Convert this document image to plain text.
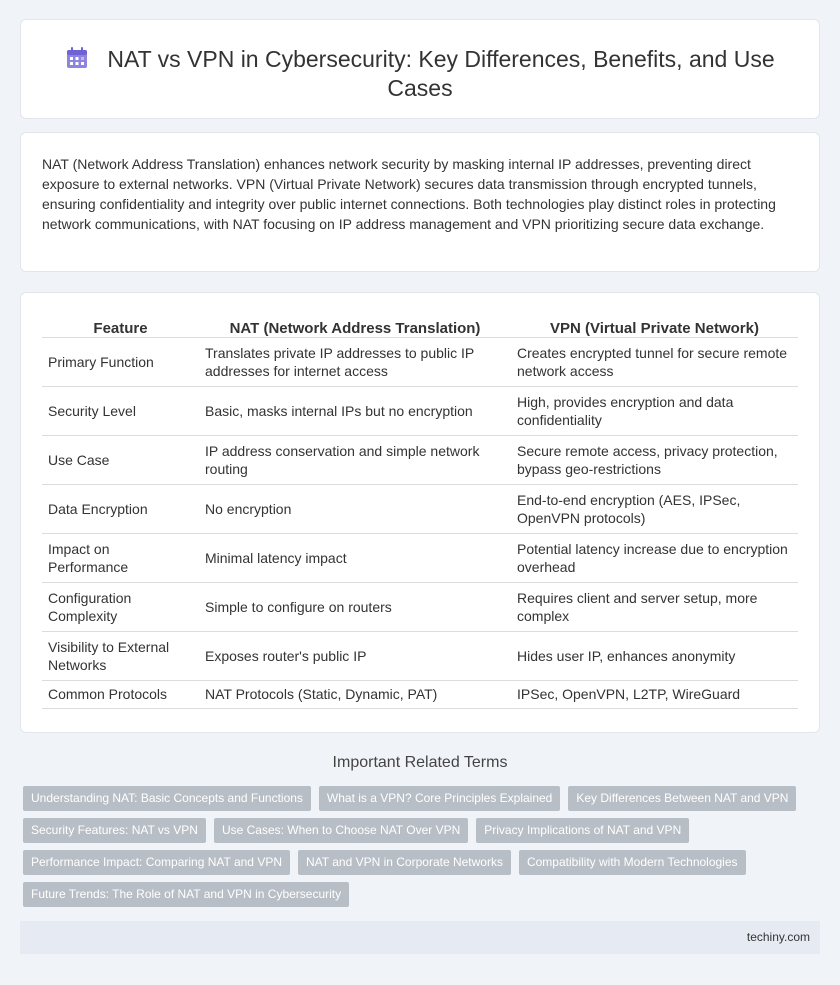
NAT vs VPN in Cybersecurity: Key Differences, Benefits, and Use Cases

NAT (Network Address Translation) enhances network security by masking internal IP addresses, preventing direct exposure to external networks. VPN (Virtual Private Network) secures data transmission through encrypted tunnels, ensuring confidentiality and integrity over public internet connections. Both technologies play distinct roles in protecting network communications, with NAT focusing on IP address management and VPN prioritizing secure data exchange.

Feature	NAT (Network Address Translation)	VPN (Virtual Private Network)
Primary Function	Translates private IP addresses to public IP addresses for internet access	Creates encrypted tunnel for secure remote network access
Security Level	Basic, masks internal IPs but no encryption	High, provides encryption and data confidentiality
Use Case	IP address conservation and simple network routing	Secure remote access, privacy protection, bypass geo-restrictions
Data Encryption	No encryption	End-to-end encryption (AES, IPSec, OpenVPN protocols)
Impact on Performance	Minimal latency impact	Potential latency increase due to encryption overhead
Configuration Complexity	Simple to configure on routers	Requires client and server setup, more complex
Visibility to External Networks	Exposes router's public IP	Hides user IP, enhances anonymity
Common Protocols	NAT Protocols (Static, Dynamic, PAT)	IPSec, OpenVPN, L2TP, WireGuard
Important Related Terms
Understanding NAT: Basic Concepts and Functions	What is a VPN? Core Principles Explained	Key Differences Between NAT and VPN
Security Features: NAT vs VPN	Use Cases: When to Choose NAT Over VPN	Privacy Implications of NAT and VPN
Performance Impact: Comparing NAT and VPN	NAT and VPN in Corporate Networks	Compatibility with Modern Technologies
Future Trends: The Role of NAT and VPN in Cybersecurity
techiny.com
